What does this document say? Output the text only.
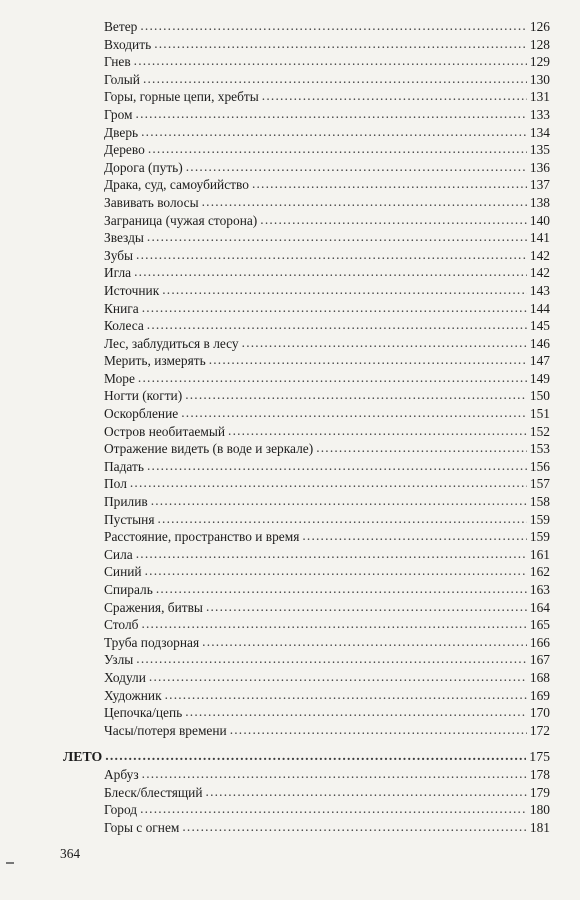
Ветер .....	126
Входить .....	128
Гнев .....	129
Голый .....	130
Горы, горные цепи, хребты .....	131
Гром .....	133
Дверь .....	134
Дерево .....	135
Дорога (путь) .....	136
Драка, суд, самоубийство .....	137
Завивать волосы .....	138
Заграница (чужая сторона) .....	140
Звезды .....	141
Зубы .....	142
Игла .....	142
Источник .....	143
Книга .....	144
Колеса .....	145
Лес, заблудиться в лесу .....	146
Мерить, измерять .....	147
Море .....	149
Ногти (когти) .....	150
Оскорбление .....	151
Остров необитаемый .....	152
Отражение видеть (в воде и зеркале) .....	153
Падать .....	156
Пол .....	157
Прилив .....	158
Пустыня .....	159
Расстояние, пространство и время .....	159
Сила .....	161
Синий .....	162
Спираль .....	163
Сражения, битвы .....	164
Столб .....	165
Труба подзорная .....	166
Узлы .....	167
Ходули .....	168
Художник .....	169
Цепочка/цепь .....	170
Часы/потеря времени .....	172
ЛЕТО .....	175
Арбуз .....	178
Блеск/блестящий .....	179
Город .....	180
Горы с огнем .....	181
364
